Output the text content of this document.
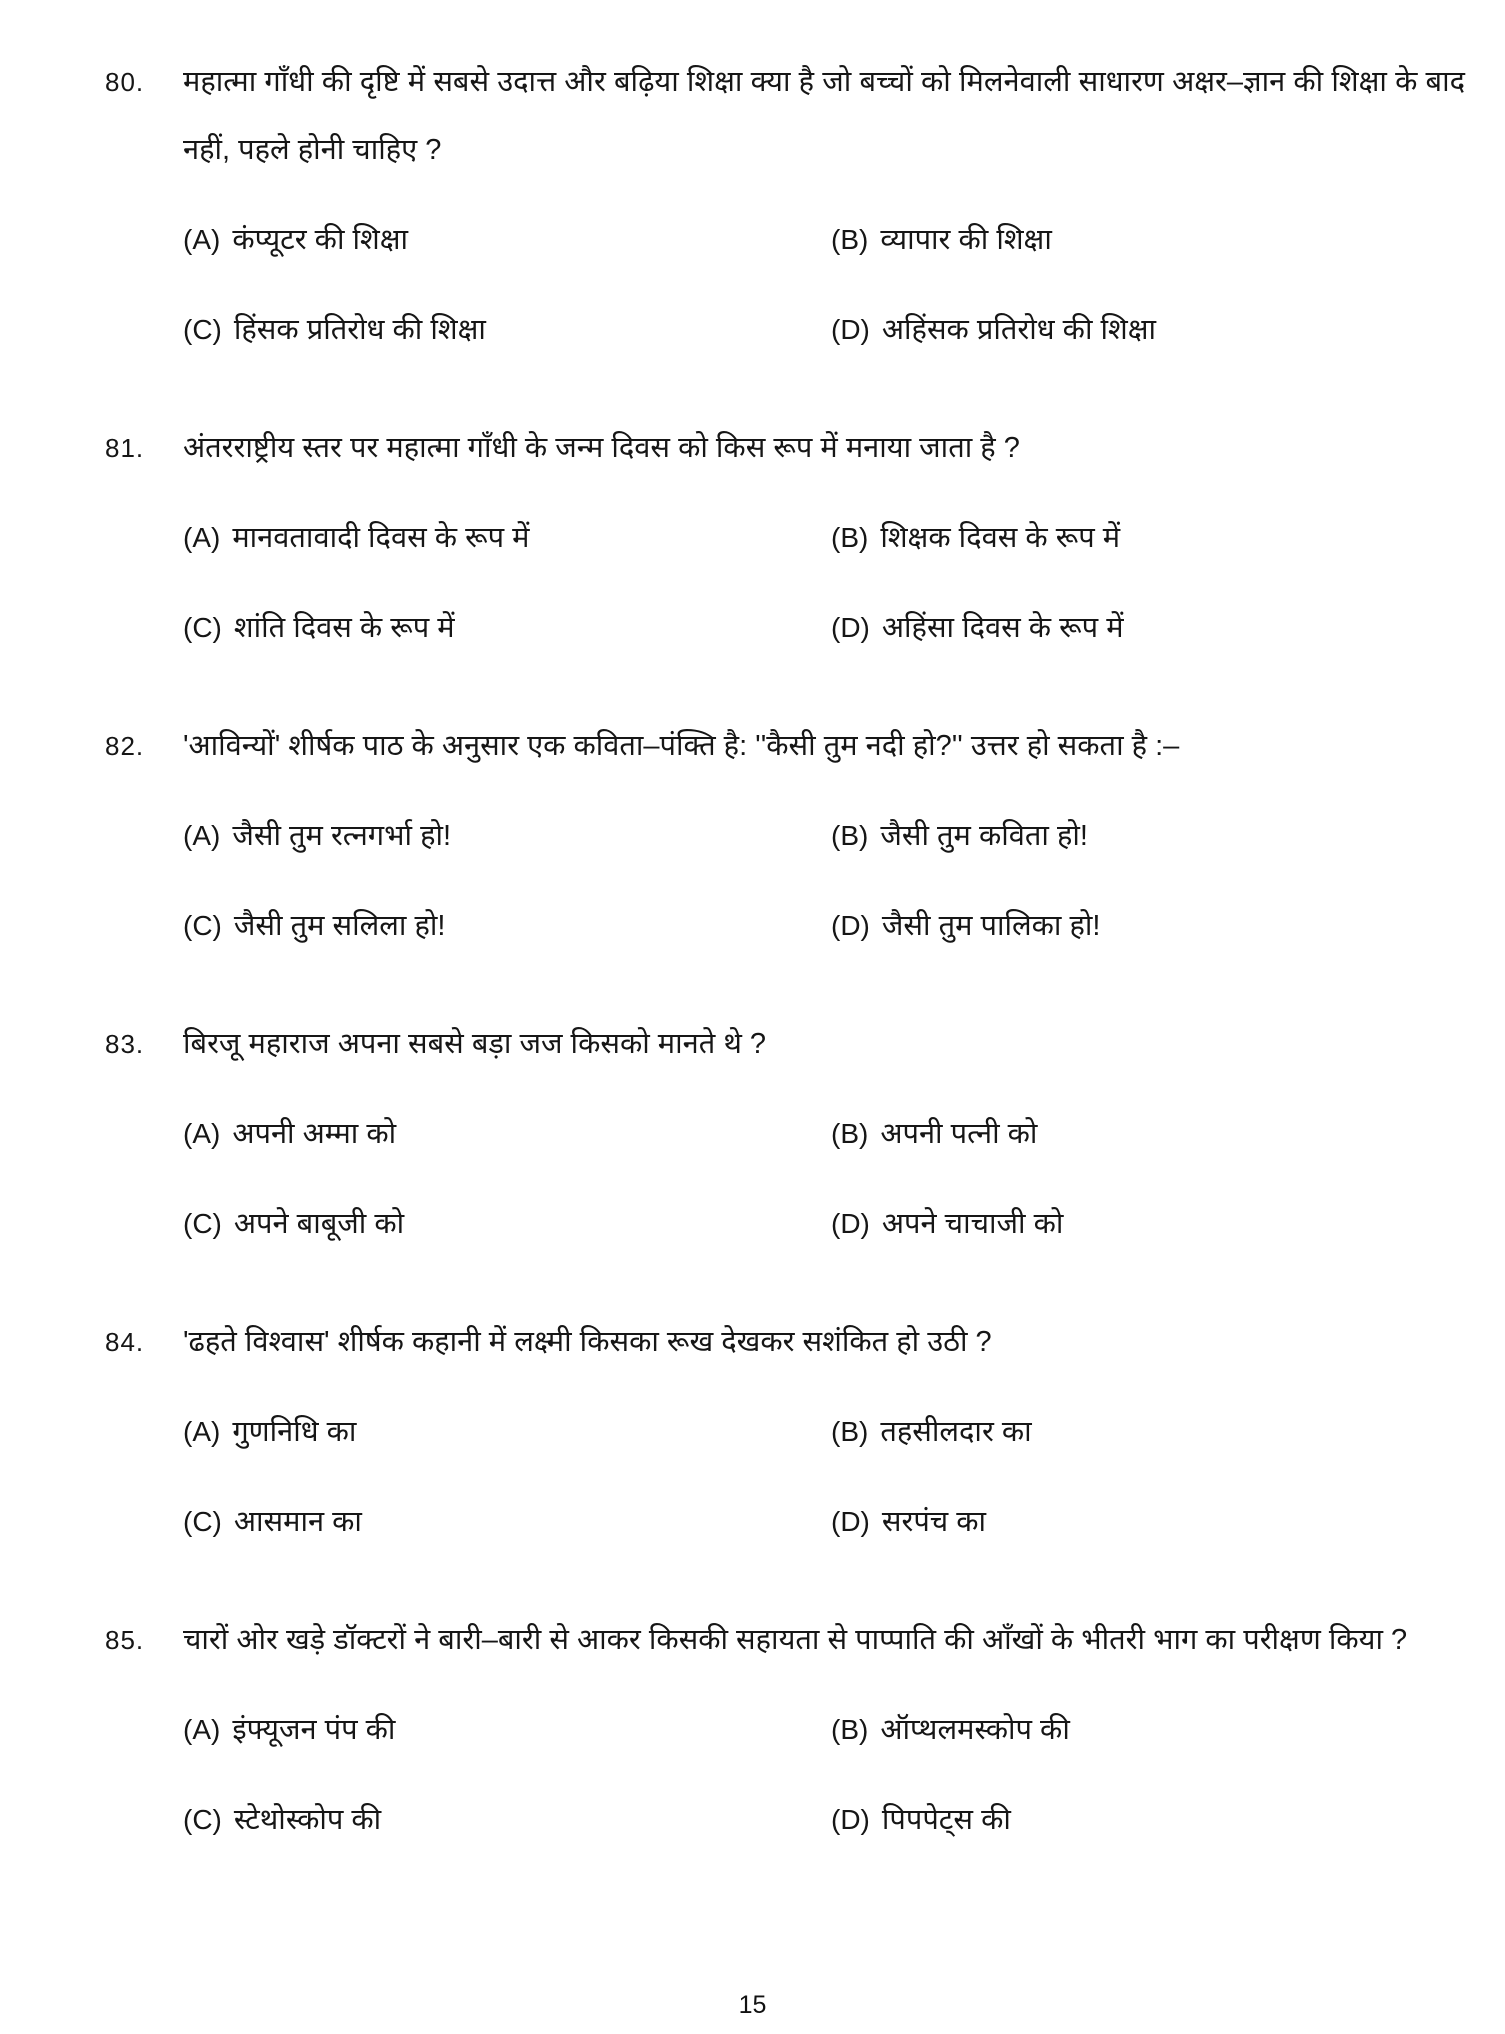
80.	महात्मा गाँधी की दृष्टि में सबसे उदात्त और बढ़िया शिक्षा क्या है जो बच्चों को मिलनेवाली साधारण अक्षर–ज्ञान की शिक्षा के बाद नहीं, पहले होनी चाहिए ?
(A) कंप्यूटर की शिक्षा	(B) व्यापार की शिक्षा
(C) हिंसक प्रतिरोध की शिक्षा	(D) अहिंसक प्रतिरोध की शिक्षा
81.	अंतरराष्ट्रीय स्तर पर महात्मा गाँधी के जन्म दिवस को किस रूप में मनाया जाता है ?
(A) मानवतावादी दिवस के रूप में	(B) शिक्षक दिवस के रूप में
(C) शांति दिवस के रूप में	(D) अहिंसा दिवस के रूप में
82.	'आविन्यों' शीर्षक पाठ के अनुसार एक कविता–पंक्ति है: ''कैसी तुम नदी हो?'' उत्तर हो सकता है :–
(A) जैसी तुम रत्नगर्भा हो!	(B) जैसी तुम कविता हो!
(C) जैसी तुम सलिला हो!	(D) जैसी तुम पालिका हो!
83.	बिरजू महाराज अपना सबसे बड़ा जज किसको मानते थे ?
(A) अपनी अम्मा को	(B) अपनी पत्नी को
(C) अपने बाबूजी को	(D) अपने चाचाजी को
84.	'ढहते विश्वास' शीर्षक कहानी में लक्ष्मी किसका रूख देखकर सशंकित हो उठी ?
(A) गुणनिधि का	(B) तहसीलदार का
(C) आसमान का	(D) सरपंच का
85.	चारों ओर खड़े डॉक्टरों ने बारी–बारी से आकर किसकी सहायता से पाप्पाति की आँखों के भीतरी भाग का परीक्षण किया ?
(A) इंफ्यूजन पंप की	(B) ऑप्थलमस्कोप की
(C) स्टेथोस्कोप की	(D) पिपपेट्स की
15
